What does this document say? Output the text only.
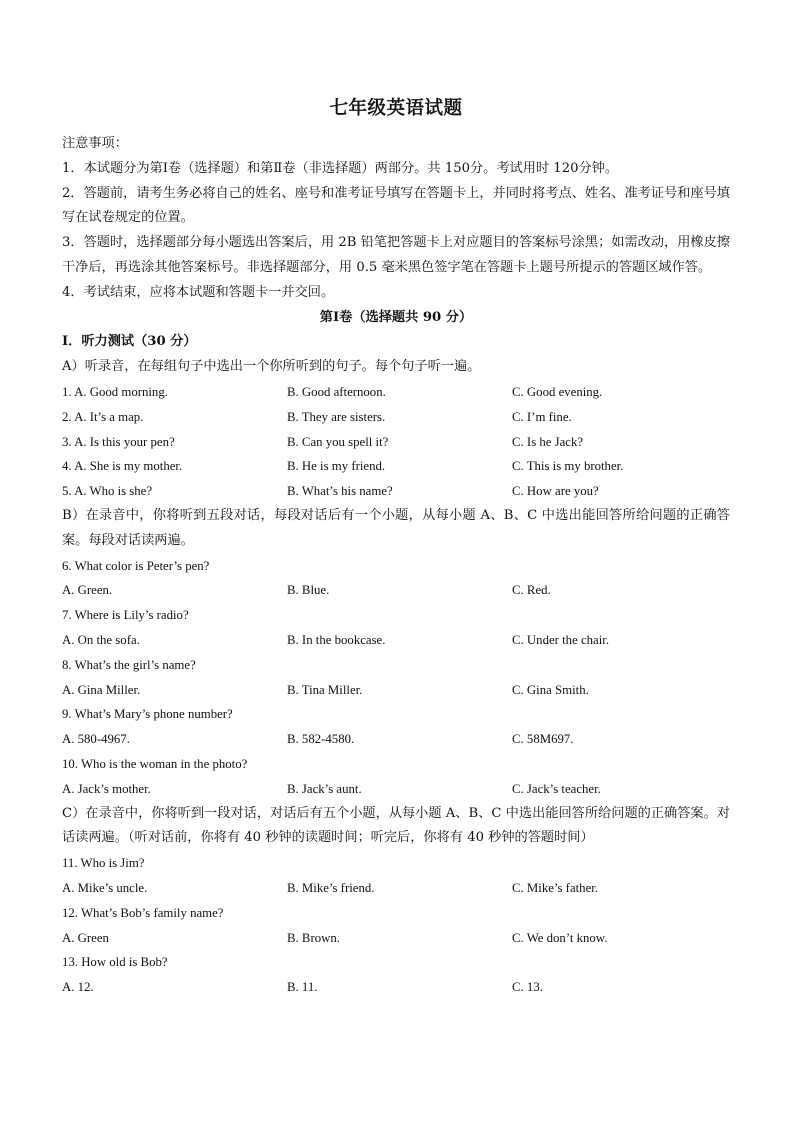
七年级英语试题
注意事项：
1．本试题分为第Ⅰ卷（选择题）和第Ⅱ卷（非选择题）两部分。共 150分。考试用时 120分钟。
2．答题前，请考生务必将自己的姓名、座号和准考证号填写在答题卡上，并同时将考点、姓名、准考证号和座号填写在试卷规定的位置。
3．答题时，选择题部分每小题选出答案后，用 2B 铅笔把答题卡上对应题目的答案标号涂黑；如需改动，用橡皮擦干净后，再选涂其他答案标号。非选择题部分，用 0.5 毫米黑色签字笔在答题卡上题号所提示的答题区域作答。
4．考试结束，应将本试题和答题卡一并交回。
第Ⅰ卷（选择题共 90 分）
Ⅰ．听力测试（30 分）
A）听录音，在每组句子中选出一个你所听到的句子。每个句子听一遍。
1. A. Good morning.	B. Good afternoon.	C. Good evening.
2. A. It’s a map.	B. They are sisters.	C. I’m fine.
3. A. Is this your pen?	B. Can you spell it?	C. Is he Jack?
4. A. She is my mother.	B. He is my friend.	C. This is my brother.
5. A. Who is she?	B. What’s his name?	C. How are you?
B）在录音中，你将听到五段对话，每段对话后有一个小题，从每小题 A、B、C 中选出能回答所给问题的正确答案。每段对话读两遍。
6. What color is Peter’s pen?
A. Green.	B. Blue.	C. Red.
7. Where is Lily’s radio?
A. On the sofa.	B. In the bookcase.	C. Under the chair.
8. What’s the girl’s name?
A. Gina Miller.	B. Tina Miller.	C. Gina Smith.
9. What’s Mary’s phone number?
A. 580-4967.	B. 582-4580.	C. 58M697.
10. Who is the woman in the photo?
A. Jack’s mother.	B. Jack’s aunt.	C. Jack’s teacher.
C）在录音中，你将听到一段对话，对话后有五个小题，从每小题 A、B、C 中选出能回答所给问题的正确答案。对话读两遍。（听对话前，你将有 40 秒钟的读题时间；听完后，你将有 40 秒钟的答题时间）
11. Who is Jim?
A. Mike’s uncle.	B. Mike’s friend.	C. Mike’s father.
12. What’s Bob’s family name?
A. Green	B. Brown.	C. We don’t know.
13. How old is Bob?
A. 12.	B. 11.	C. 13.
